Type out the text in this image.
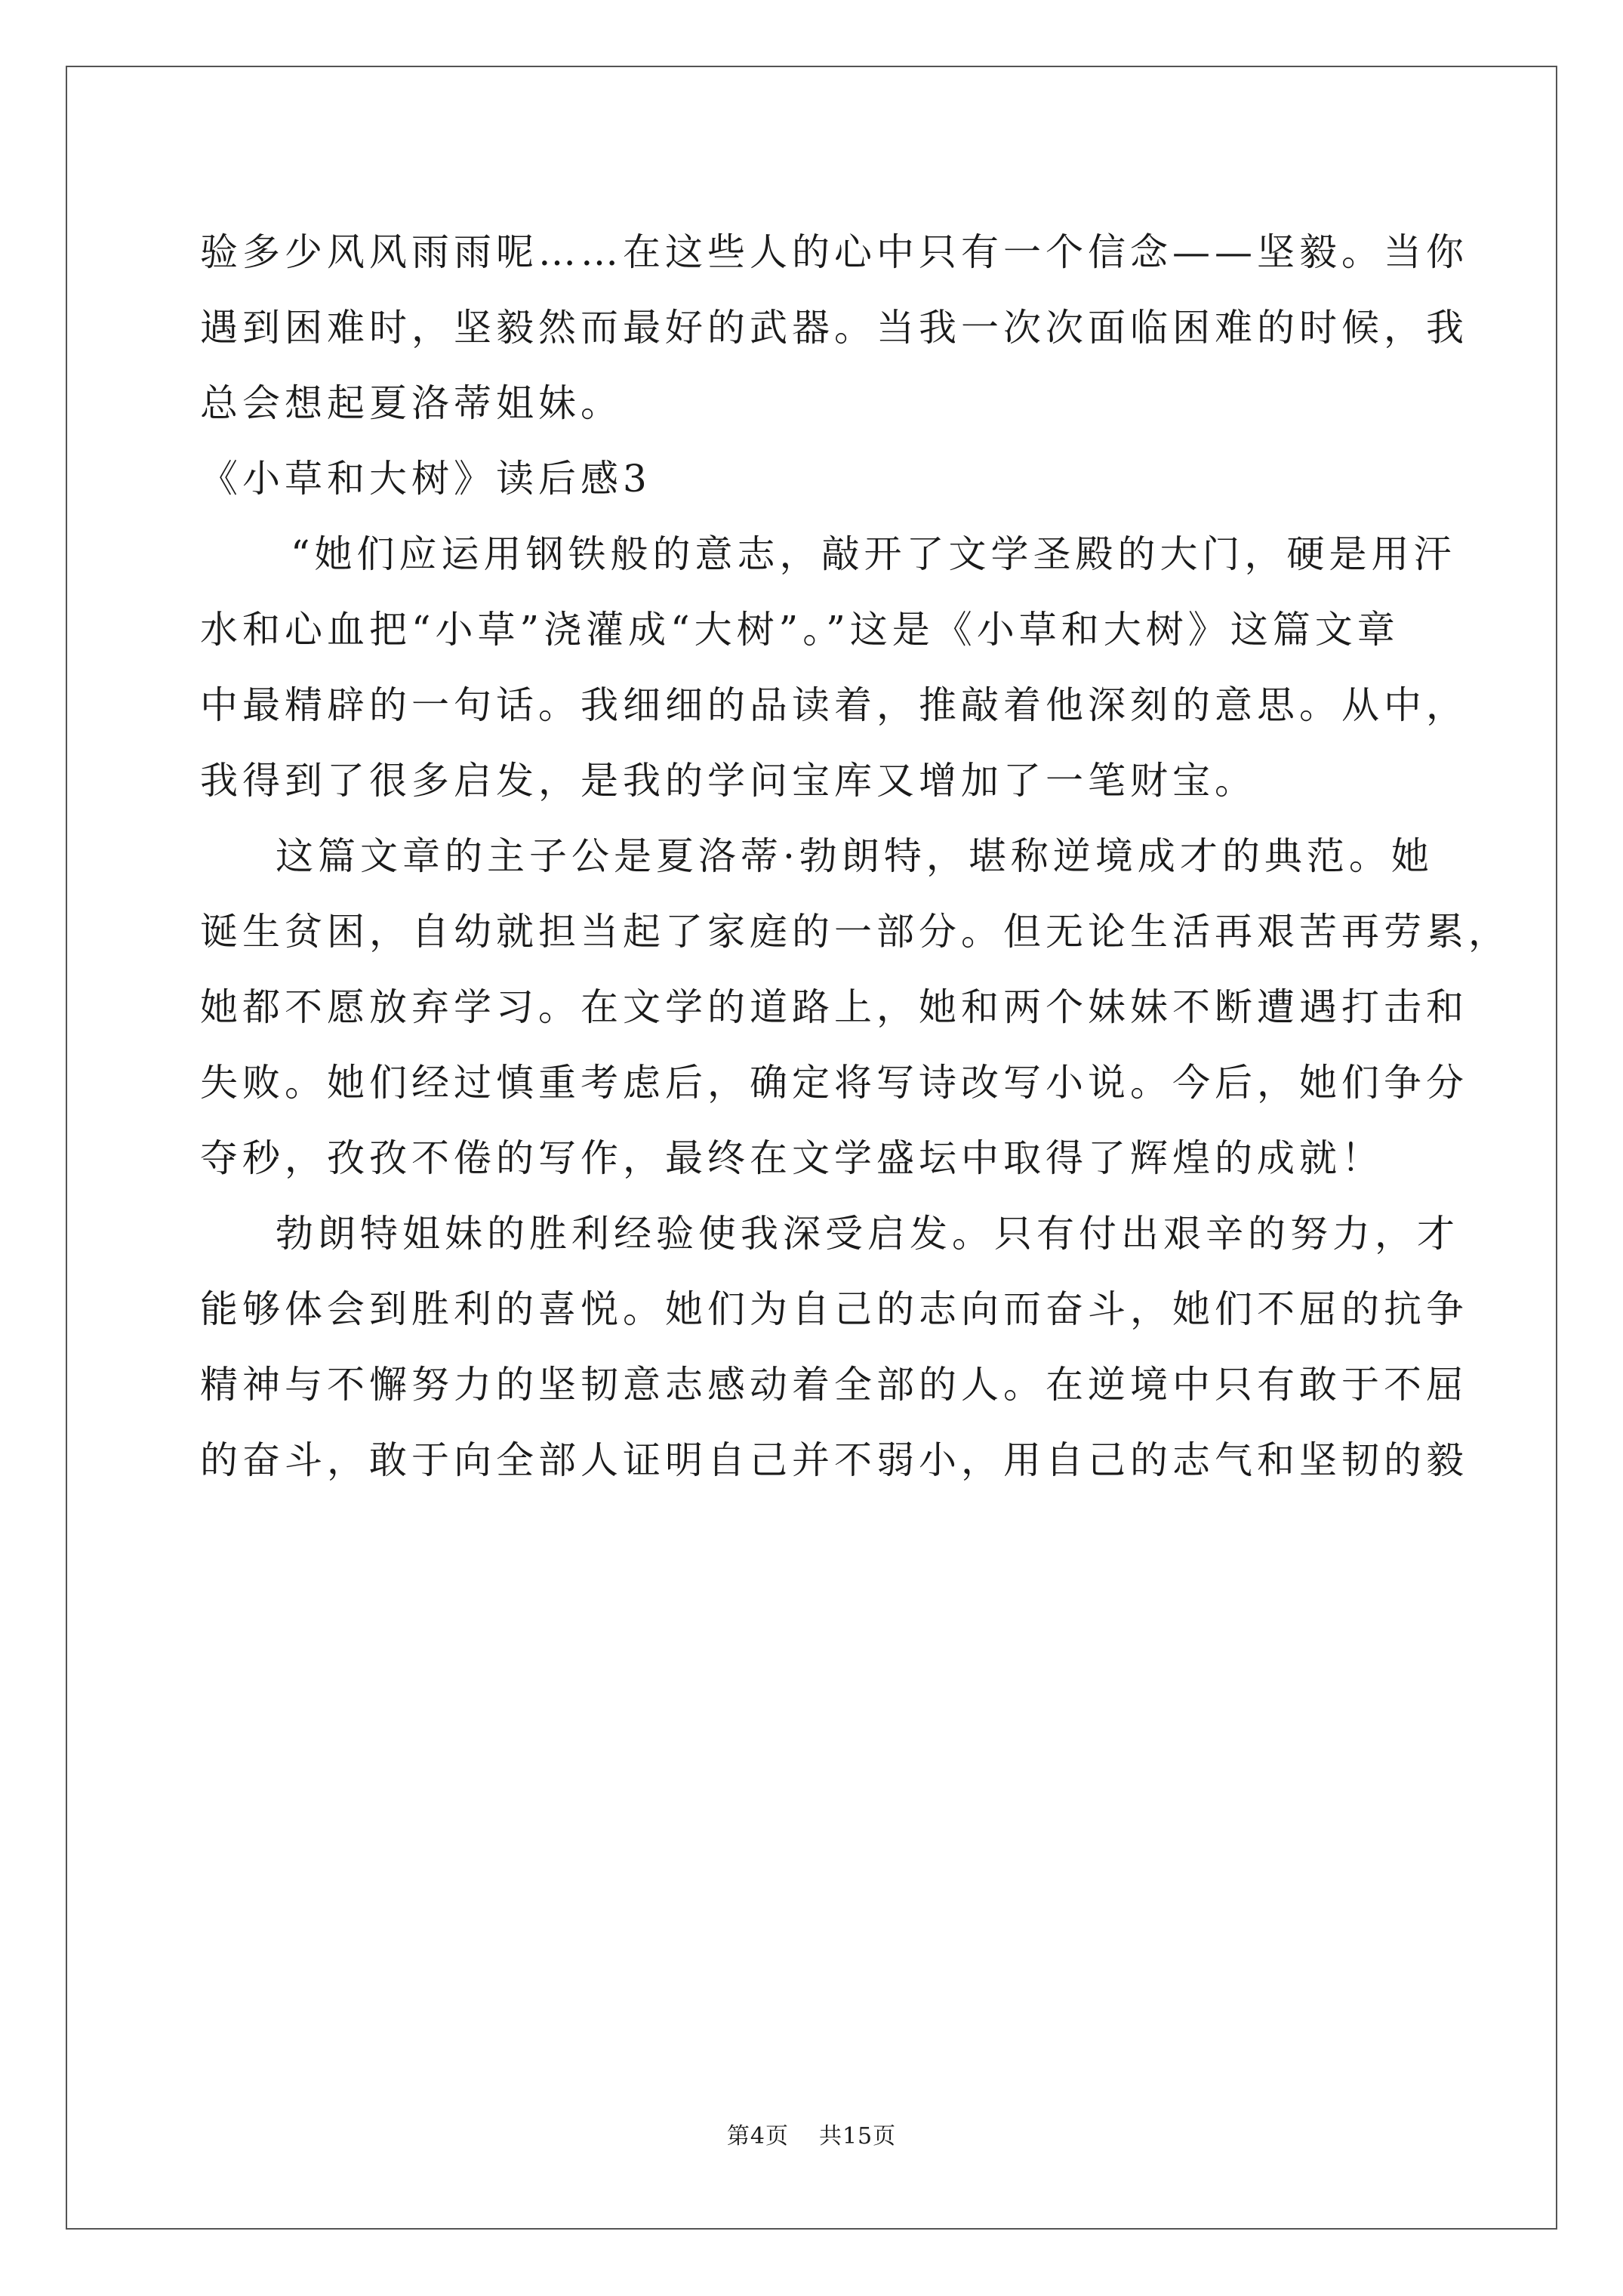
验多少风风雨雨呢……在这些人的心中只有一个信念——坚毅。当你
遇到困难时，坚毅然而最好的武器。当我一次次面临困难的时候，我
总会想起夏洛蒂姐妹。
《小草和大树》读后感3
“她们应运用钢铁般的意志，敲开了文学圣殿的大门，硬是用汗
水和心血把“小草”浇灌成“大树”。”这是《小草和大树》这篇文章
中最精辟的一句话。我细细的品读着，推敲着他深刻的意思。从中，
我得到了很多启发，是我的学问宝库又增加了一笔财宝。
这篇文章的主子公是夏洛蒂·勃朗特，堪称逆境成才的典范。她
诞生贫困，自幼就担当起了家庭的一部分。但无论生活再艰苦再劳累，
她都不愿放弃学习。在文学的道路上，她和两个妹妹不断遭遇打击和
失败。她们经过慎重考虑后，确定将写诗改写小说。今后，她们争分
夺秒，孜孜不倦的写作，最终在文学盛坛中取得了辉煌的成就！
勃朗特姐妹的胜利经验使我深受启发。只有付出艰辛的努力，才
能够体会到胜利的喜悦。她们为自己的志向而奋斗，她们不屈的抗争
精神与不懈努力的坚韧意志感动着全部的人。在逆境中只有敢于不屈
的奋斗，敢于向全部人证明自己并不弱小，用自己的志气和坚韧的毅
第4页 共15页
